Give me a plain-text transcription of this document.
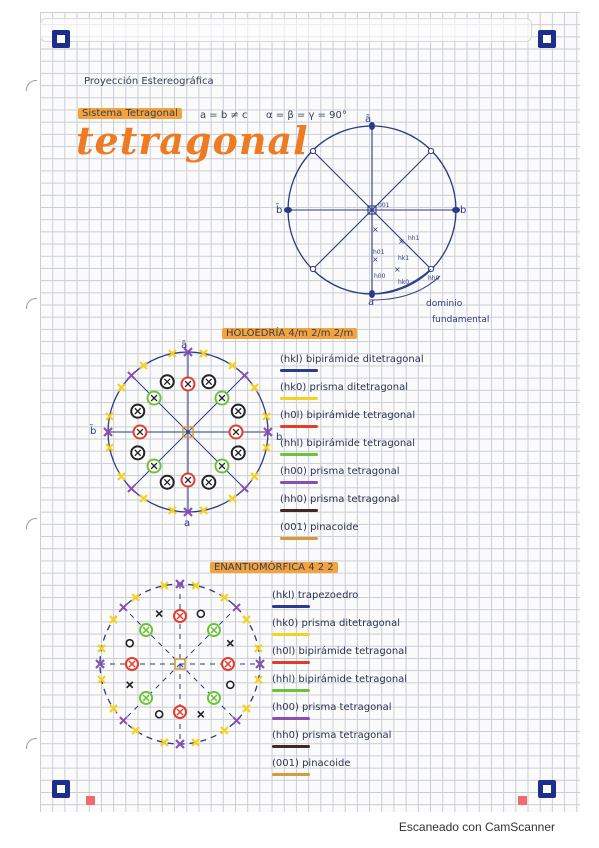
Proyección Estereográfica
Sistema Tetragonal	a = b ≠ c α = β = γ = 90°
tetragonal
×
×
×
×
ā
a
b̄	b
001
hh1
h01
hk1
h00
hk0
hh0
dominio
fundamental
HOLOEDRÍA 4/m 2/m 2/m
ā
a
b̄
b
(hkl) bipirámide ditetragonal
(hk0) prisma ditetragonal
(h0l) bipirámide tetragonal
(hhl) bipirámide tetragonal
(h00) prisma tetragonal
(hh0) prisma tetragonal
(001) pinacoide
ENANTIOMÓRFICA 4 2 2
(hkl) trapezoedro
(hk0) prisma ditetragonal
(h0l) bipirámide tetragonal
(hhl) bipirámide tetragonal
(h00) prisma tetragonal
(hh0) prisma tetragonal
(001) pinacoide
Escaneado con CamScanner
